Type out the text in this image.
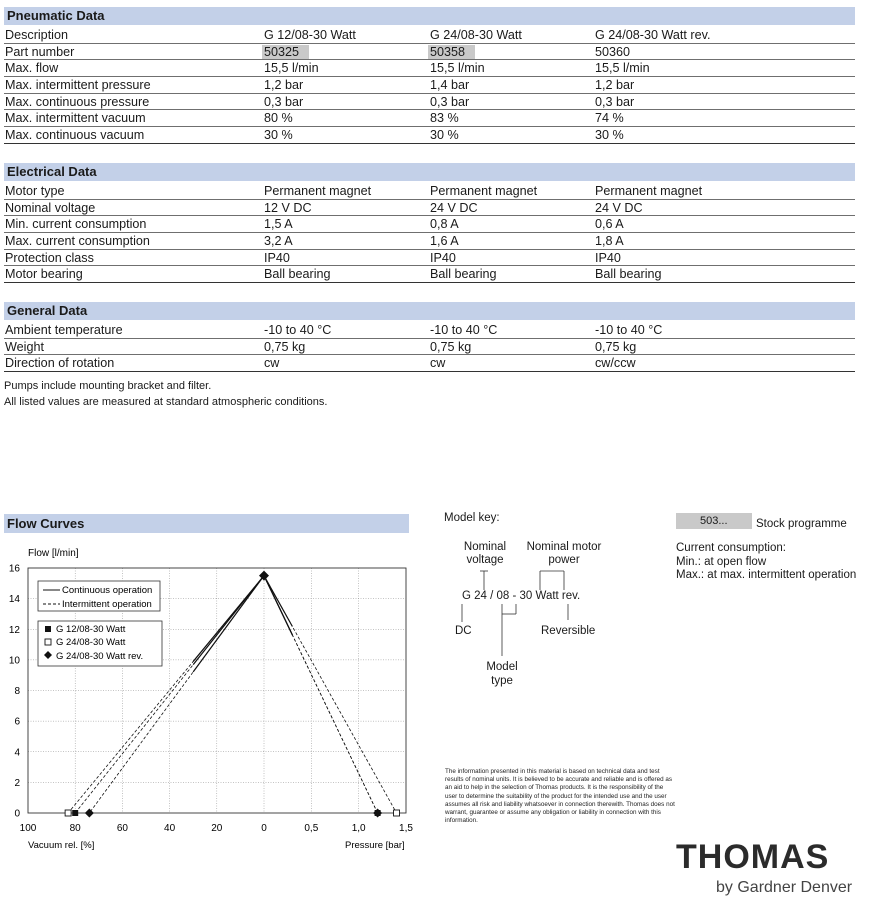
Pneumatic Data
Description	G 12/08-30 Watt	G 24/08-30 Watt	G 24/08-30 Watt rev.
Part number	50325	50358	50360
Max. flow	15,5 l/min	15,5 l/min	15,5 l/min
Max. intermittent pressure	1,2 bar	1,4 bar	1,2 bar
Max. continuous pressure	0,3 bar	0,3 bar	0,3 bar
Max. intermittent vacuum	80 %	83 %	74 %
Max. continuous vacuum	30 %	30 %	30 %
Electrical Data
Motor type	Permanent magnet	Permanent magnet	Permanent magnet
Nominal voltage	12 V DC	24 V DC	24 V DC
Min. current consumption	1,5 A	0,8 A	0,6 A
Max. current consumption	3,2 A	1,6 A	1,8 A
Protection class	IP40	IP40	IP40
Motor bearing	Ball bearing	Ball bearing	Ball bearing
General Data
Ambient temperature	-10 to 40 °C	-10 to 40 °C	-10 to 40 °C
Weight	0,75 kg	0,75 kg	0,75 kg
Direction of rotation	cw	cw	cw/ccw
Pumps include mounting bracket and filter.
All listed values are measured at standard atmospheric conditions.
Flow Curves
Flow [l/min]
16
14
12
10
8
6
4
2
0
100	80	60	40	20	0	0,5	1,0	1,5
Continuous operation
Intermittent operation
G 12/08-30 Watt
G 24/08-30 Watt
G 24/08-30 Watt rev.
Vacuum rel. [%]	Pressure [bar]
Model key:
Nominal voltage
Nominal motor power
G 24 / 08 - 30 Watt rev.
DC	Reversible
Model type
503...	Stock programme
Current consumption:
Min.: at open flow
Max.: at max. intermittent operation
The information presented in this material is based on technical data and test results of nominal units. It is believed to be accurate and reliable and is offered as an aid to help in the selection of Thomas products. It is the responsibility of the user to determine the suitability of the product for the intended use and the user assumes all risk and liability whatsoever in connection therewith. Thomas does not warrant, guarantee or assume any obligation or liability in connection with this information.
THOMAS
by Gardner Denver
